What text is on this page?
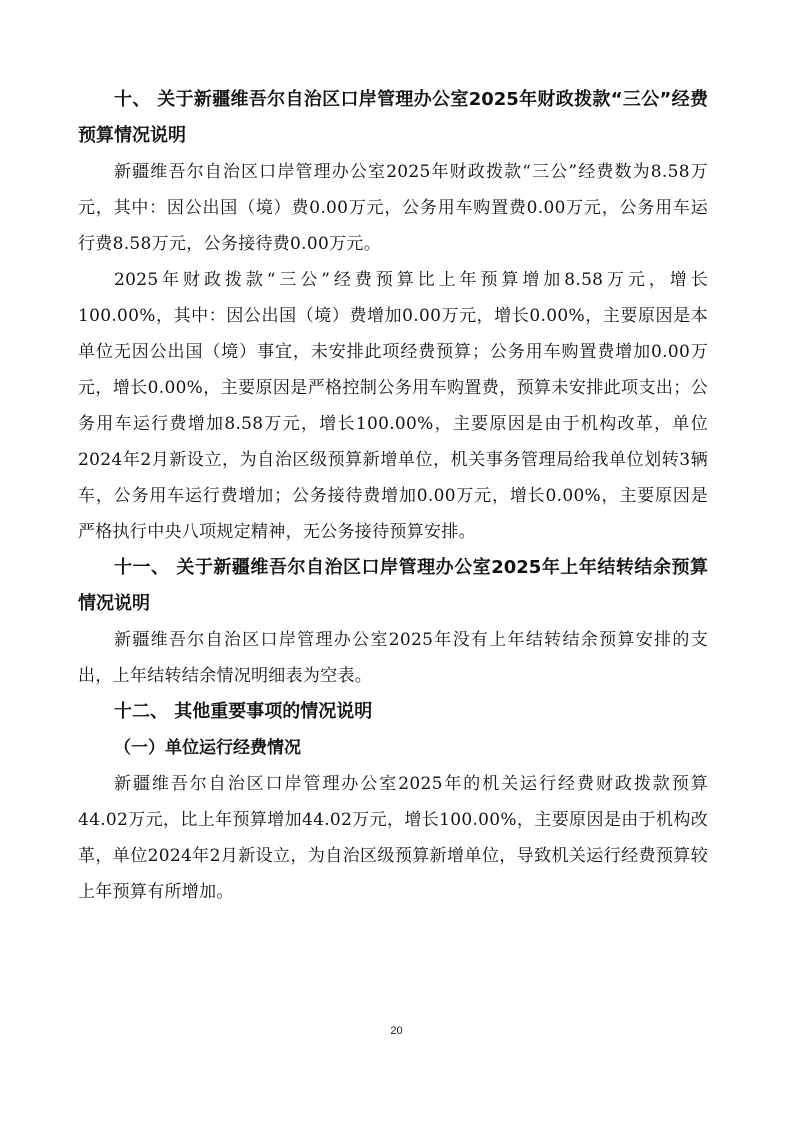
十、 关于新疆维吾尔自治区口岸管理办公室2025年财政拨款“三公”经费预算情况说明

新疆维吾尔自治区口岸管理办公室2025年财政拨款“三公”经费数为8.58万元，其中：因公出国（境）费0.00万元，公务用车购置费0.00万元，公务用车运行费8.58万元，公务接待费0.00万元。

2025年财政拨款“三公”经费预算比上年预算增加8.58万元，增长100.00%，其中：因公出国（境）费增加0.00万元，增长0.00%，主要原因是本单位无因公出国（境）事宜，未安排此项经费预算；公务用车购置费增加0.00万元，增长0.00%，主要原因是严格控制公务用车购置费，预算未安排此项支出；公务用车运行费增加8.58万元，增长100.00%，主要原因是由于机构改革，单位2024年2月新设立，为自治区级预算新增单位，机关事务管理局给我单位划转3辆车，公务用车运行费增加；公务接待费增加0.00万元，增长0.00%，主要原因是严格执行中央八项规定精神，无公务接待预算安排。

十一、 关于新疆维吾尔自治区口岸管理办公室2025年上年结转结余预算情况说明

新疆维吾尔自治区口岸管理办公室2025年没有上年结转结余预算安排的支出，上年结转结余情况明细表为空表。

十二、 其他重要事项的情况说明

（一）单位运行经费情况

新疆维吾尔自治区口岸管理办公室2025年的机关运行经费财政拨款预算44.02万元，比上年预算增加44.02万元，增长100.00%，主要原因是由于机构改革，单位2024年2月新设立，为自治区级预算新增单位，导致机关运行经费预算较上年预算有所增加。

20
